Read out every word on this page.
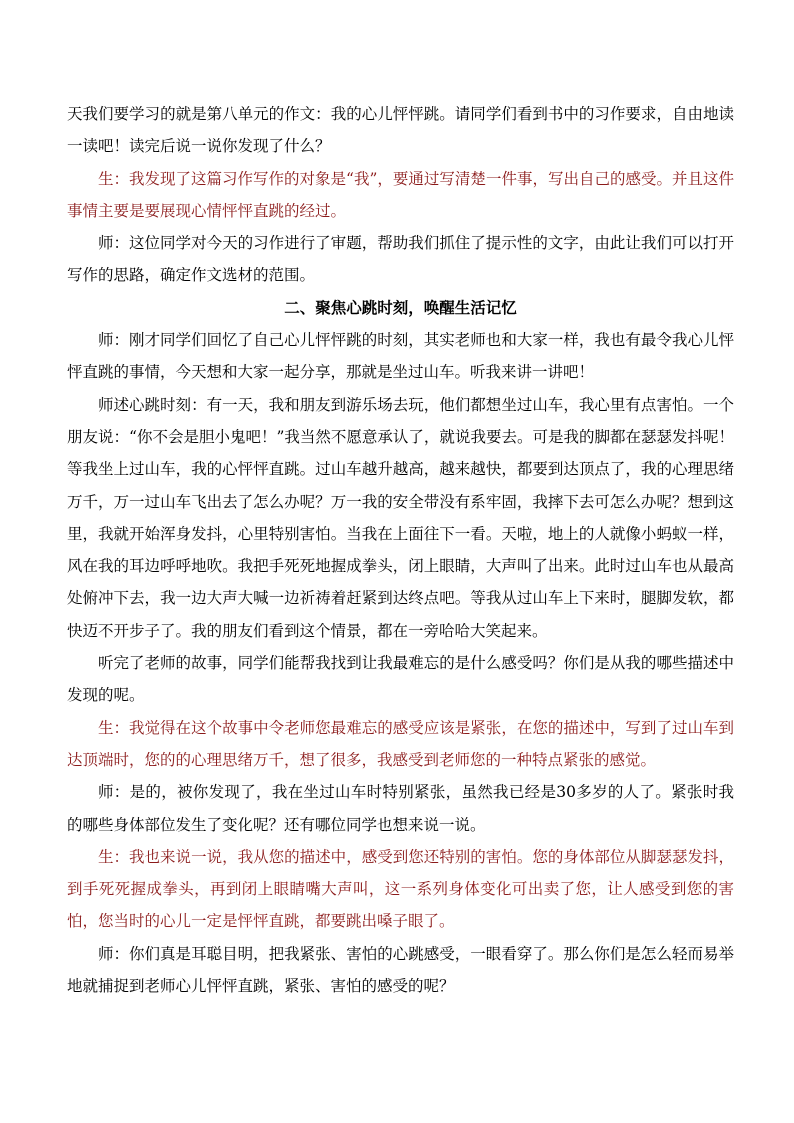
天我们要学习的就是第八单元的作文：我的心儿怦怦跳。请同学们看到书中的习作要求，自由地读一读吧！读完后说一说你发现了什么？

生：我发现了这篇习作写作的对象是“我”，要通过写清楚一件事，写出自己的感受。并且这件事情主要是要展现心情怦怦直跳的经过。

师：这位同学对今天的习作进行了审题，帮助我们抓住了提示性的文字，由此让我们可以打开写作的思路，确定作文选材的范围。

二、聚焦心跳时刻，唤醒生活记忆

师：刚才同学们回忆了自己心儿怦怦跳的时刻，其实老师也和大家一样，我也有最令我心儿怦怦直跳的事情，今天想和大家一起分享，那就是坐过山车。听我来讲一讲吧！

师述心跳时刻：有一天，我和朋友到游乐场去玩，他们都想坐过山车，我心里有点害怕。一个朋友说：“你不会是胆小鬼吧！”我当然不愿意承认了，就说我要去。可是我的脚都在瑟瑟发抖呢！等我坐上过山车，我的心怦怦直跳。过山车越升越高，越来越快，都要到达顶点了，我的心理思绪万千，万一过山车飞出去了怎么办呢？万一我的安全带没有系牢固，我摔下去可怎么办呢？想到这里，我就开始浑身发抖，心里特别害怕。当我在上面往下一看。天啦，地上的人就像小蚂蚁一样，风在我的耳边呼呼地吹。我把手死死地握成拳头，闭上眼睛，大声叫了出来。此时过山车也从最高处俯冲下去，我一边大声大喊一边祈祷着赶紧到达终点吧。等我从过山车上下来时，腿脚发软，都快迈不开步子了。我的朋友们看到这个情景，都在一旁哈哈大笑起来。

听完了老师的故事，同学们能帮我找到让我最难忘的是什么感受吗？你们是从我的哪些描述中发现的呢。

生：我觉得在这个故事中令老师您最难忘的感受应该是紧张，在您的描述中，写到了过山车到达顶端时，您的的心理思绪万千，想了很多，我感受到老师您的一种特点紧张的感觉。

师：是的，被你发现了，我在坐过山车时特别紧张，虽然我已经是30多岁的人了。紧张时我的哪些身体部位发生了变化呢？还有哪位同学也想来说一说。

生：我也来说一说，我从您的描述中，感受到您还特别的害怕。您的身体部位从脚瑟瑟发抖，到手死死握成拳头，再到闭上眼睛嘴大声叫，这一系列身体变化可出卖了您，让人感受到您的害怕，您当时的心儿一定是怦怦直跳，都要跳出嗓子眼了。

师：你们真是耳聪目明，把我紧张、害怕的心跳感受，一眼看穿了。那么你们是怎么轻而易举地就捕捉到老师心儿怦怦直跳，紧张、害怕的感受的呢？
